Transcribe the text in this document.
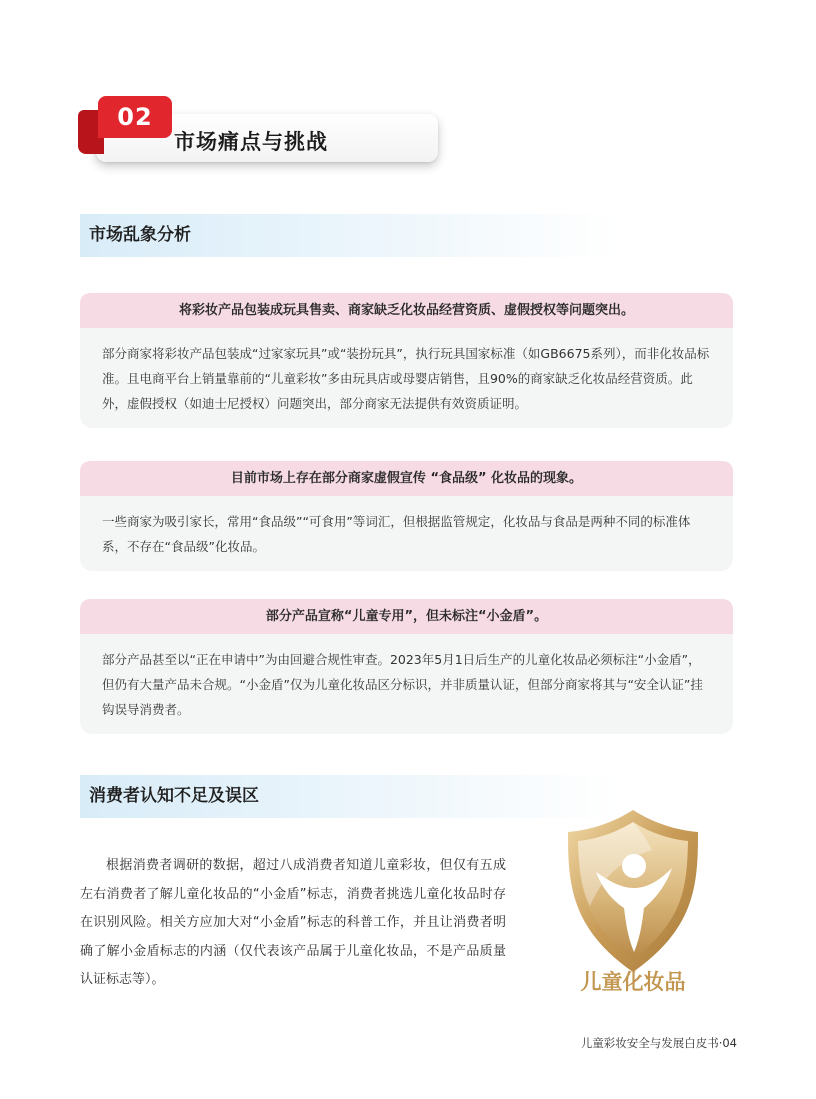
02
市场痛点与挑战
市场乱象分析
将彩妆产品包装成玩具售卖、商家缺乏化妆品经营资质、虚假授权等问题突出。
部分商家将彩妆产品包装成“过家家玩具”或“装扮玩具”，执行玩具国家标准（如GB6675系列），而非化妆品标准。且电商平台上销量靠前的“儿童彩妆”多由玩具店或母婴店销售，且90%的商家缺乏化妆品经营资质。此外，虚假授权（如迪士尼授权）问题突出，部分商家无法提供有效资质证明。
目前市场上存在部分商家虚假宣传 “食品级” 化妆品的现象。
一些商家为吸引家长，常用“食品级”“可食用”等词汇，但根据监管规定，化妆品与食品是两种不同的标准体系，不存在“食品级”化妆品。
部分产品宣称“儿童专用”，但未标注“小金盾”。
部分产品甚至以“正在申请中”为由回避合规性审查。2023年5月1日后生产的儿童化妆品必须标注“小金盾”，但仍有大量产品未合规。“小金盾”仅为儿童化妆品区分标识，并非质量认证，但部分商家将其与“安全认证”挂钩误导消费者。
消费者认知不足及误区
根据消费者调研的数据，超过八成消费者知道儿童彩妆，但仅有五成左右消费者了解儿童化妆品的“小金盾”标志，消费者挑选儿童化妆品时存在识别风险。相关方应加大对“小金盾”标志的科普工作，并且让消费者明确了解小金盾标志的内涵（仅代表该产品属于儿童化妆品，不是产品质量认证标志等）。	儿童化妆品
儿童彩妆安全与发展白皮书·04
